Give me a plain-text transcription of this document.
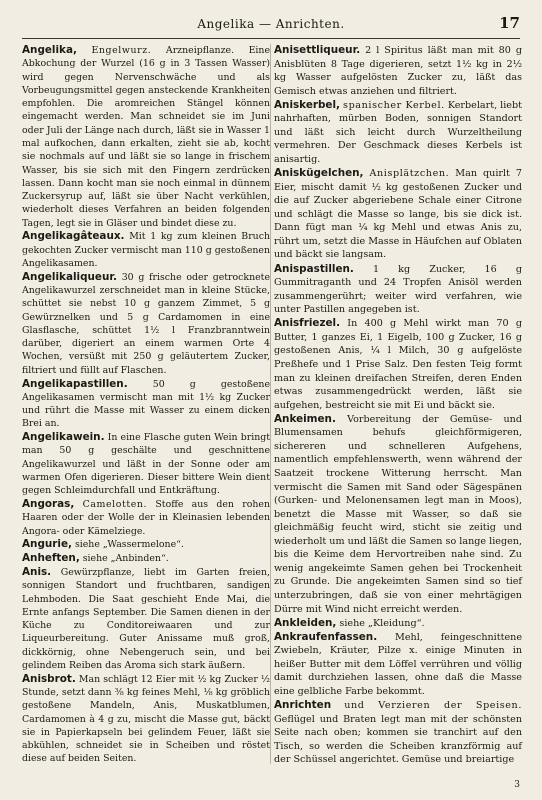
Angelika — Anrichten.	17

Angelika, Engelwurz. Arzneipflanze. Eine Abkochung der Wurzel (16 g in 3 Tassen Wasser) wird gegen Nervenschwäche und als Vorbeugungsmittel gegen ansteckende Krankheiten empfohlen. Die aromreichen Stängel können eingemacht werden. Man schneidet sie im Juni oder Juli der Länge nach durch, läßt sie in Wasser 1 mal aufkochen, dann erkalten, zieht sie ab, kocht sie nochmals auf und läßt sie so lange in frischem Wasser, bis sie sich mit den Fingern zerdrücken lassen. Dann kocht man sie noch einmal in dünnem Zuckersyrup auf, läßt sie über Nacht verkühlen, wiederholt dieses Verfahren an beiden folgenden Tagen, legt sie in Gläser und bindet diese zu.

Angelikagâteaux. Mit 1 kg zum kleinen Bruch gekochten Zucker vermischt man 110 g gestoßenen Angelikasamen.

Angelikaliqueur. 30 g frische oder getrocknete Angelikawurzel zerschneidet man in kleine Stücke, schüttet sie nebst 10 g ganzem Zimmet, 5 g Gewürznelken und 5 g Cardamomen in eine Glasflasche, schüttet 1½ l Franzbranntwein darüber, digeriert an einem warmen Orte 4 Wochen, versüßt mit 250 g geläutertem Zucker, filtriert und füllt auf Flaschen.

Angelikapastillen.	50 g gestoßene Angelikasamen vermischt man mit 1½ kg Zucker und rührt die Masse mit Wasser zu einem dicken Brei an.

Angelikawein. In eine Flasche guten Wein bringt man 50 g geschälte und geschnittene Angelikawurzel und läßt in der Sonne oder am warmen Ofen digerieren. Dieser bittere Wein dient gegen Schleimdurchfall und Entkräftung.

Angoras, Camelotten. Stoffe aus den rohen Haaren oder der Wolle der in Kleinasien lebenden Angora- oder Kämelziege.

Angurie, siehe „Wassermelone“.

Anheften, siehe „Anbinden“.

Anis. Gewürzpflanze, liebt im Garten freien, sonnigen Standort und fruchtbaren, sandigen Lehmboden. Die Saat geschieht Ende Mai, die Ernte anfangs September. Die Samen dienen in der Küche zu Conditoreiwaaren und zur Liqueurbereitung. Guter Anissame muß groß, dickkörnig, ohne Nebengeruch sein, und bei gelindem Reiben das Aroma sich stark äußern.

Anisbrot. Man schlägt 12 Eier mit ½ kg Zucker ½ Stunde, setzt dann ⅜ kg feines Mehl, ⅛ kg gröblich gestoßene Mandeln, Anis, Muskatblumen, Cardamomen à 4 g zu, mischt die Masse gut, bäckt sie in Papierkapseln bei gelindem Feuer, läßt sie abkühlen, schneidet sie in Scheiben und röstet diese auf beiden Seiten.

Anisettliqueur. 2 l Spiritus läßt man mit 80 g Anisblüten 8 Tage digerieren, setzt 1½ kg in 2½ kg Wasser aufgelösten Zucker zu, läßt das Gemisch etwas anziehen und filtriert.

Aniskerbel, spanischer Kerbel. Kerbelart, liebt nahrhaften, mürben Boden, sonnigen Standort und läßt sich leicht durch Wurzeltheilung vermehren. Der Geschmack dieses Kerbels ist anisartig.

Aniskügelchen, Anisplätzchen. Man quirlt 7 Eier, mischt damit ½ kg gestoßenen Zucker und die auf Zucker abgeriebene Schale einer Citrone und schlägt die Masse so lange, bis sie dick ist. Dann fügt man ¼ kg Mehl und etwas Anis zu, rührt um, setzt die Masse in Häufchen auf Oblaten und bäckt sie langsam.

Anispastillen. 1 kg Zucker, 16 g Gummitraganth und 24 Tropfen Anisöl werden zusammengerührt; weiter wird verfahren, wie unter Pastillen angegeben ist.

Anisfriezel. In 400 g Mehl wirkt man 70 g Butter, 1 ganzes Ei, 1 Eigelb, 100 g Zucker, 16 g gestoßenen Anis, ¼ l Milch, 30 g aufgelöste Preßhefe und 1 Prise Salz. Den festen Teig formt man zu kleinen dreifachen Streifen, deren Enden etwas zusammengedrückt werden, läßt sie aufgehen, bestreicht sie mit Ei und bäckt sie.

Ankeimen. Vorbereitung der Gemüse- und Blumensamen behufs gleichförmigeren, sichereren und schnelleren Aufgehens, namentlich empfehlenswerth, wenn während der Saatzeit trockene Witterung herrscht. Man vermischt die Samen mit Sand oder Sägespänen (Gurken- und Melonensamen legt man in Moos), benetzt die Masse mit Wasser, so daß sie gleichmäßig feucht wird, sticht sie zeitig und wiederholt um und läßt die Samen so lange liegen, bis die Keime dem Hervortreiben nahe sind. Zu wenig angekeimte Samen gehen bei Trockenheit zu Grunde. Die angekeimten Samen sind so tief unterzubringen, daß sie von einer mehrtägigen Dürre mit Wind nicht erreicht werden.

Ankleiden, siehe „Kleidung“.

Ankraufenfassen. Mehl, feingeschnittene Zwiebeln, Kräuter, Pilze x. einige Minuten in heißer Butter mit dem Löffel verrühren und völlig damit durchziehen lassen, ohne daß die Masse eine gelbliche Farbe bekommt.

Anrichten und Verzieren der Speisen. Geflügel und Braten legt man mit der schönsten Seite nach oben; kommen sie tranchirt auf den Tisch, so werden die Scheiben kranzförmig auf der Schüssel angerichtet. Gemüse und breiartige

3
